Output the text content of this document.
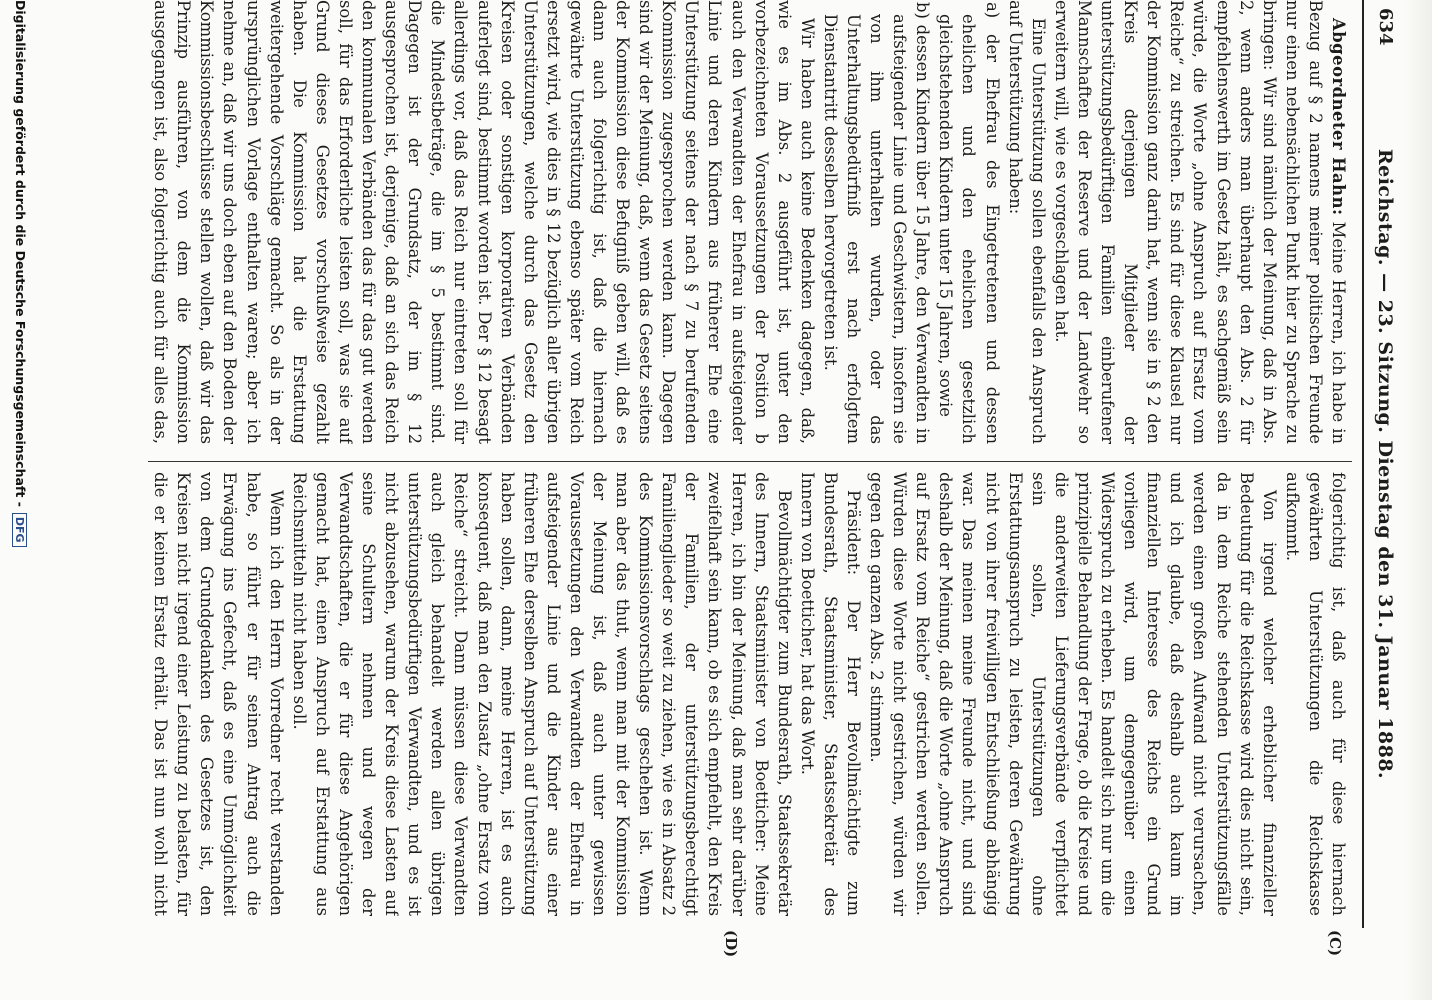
634
Reichstag. — 23. Sitzung. Dienstag den 31. Januar 1888.
(C)
(D)

Abgeordneter Hahn: Meine Herren, ich habe in Bezug auf § 2 namens meiner politischen Freunde nur einen nebensächlichen Punkt hier zu Sprache zu bringen: Wir sind nämlich der Meinung, daß in Abs. 2, wenn anders man überhaupt den Abs. 2 für empfehlenswerth im Gesetz hält, es sachgemäß sein würde, die Worte „ohne Anspruch auf Ersatz vom Reiche“ zu streichen. Es sind für diese Klausel nur der Kommission ganz darin hat, wenn sie in § 2 den Kreis derjenigen Mitglieder der unterstützungsbedürftigen Familien einberufener Mannschaften der Reserve und der Landwehr so erweitern will, wie es vorgeschlagen hat.

Eine Unterstützung sollen ebenfalls den Anspruch auf Unterstützung haben:

a) der Ehefrau des Eingetretenen und dessen ehelichen und den ehelichen gesetzlich gleichstehenden Kindern unter 15 Jahren, sowie

b) dessen Kindern über 15 Jahre, den Verwandten in aufsteigender Linie und Geschwistern, insofern sie von ihm unterhalten wurden, oder das Unterhaltungsbedürfniß erst nach erfolgtem Dienstantritt desselben hervorgetreten ist.

Wir haben auch keine Bedenken dagegen, daß, wie es im Abs. 2 ausgeführt ist, unter den vorbezeichneten Voraussetzungen der Position b auch den Verwandten der Ehefrau in aufsteigender Linie und deren Kindern aus früherer Ehe eine Unterstützung seitens der nach § 7 zu berufenden Kommission zugesprochen werden kann. Dagegen sind wir der Meinung, daß, wenn das Gesetz seitens der Kommission diese Befugniß geben will, daß es dann auch folgerichtig ist, daß die hiernach gewährte Unterstützung ebenso später vom Reich ersetzt wird, wie dies in § 12 bezüglich aller übrigen Unterstützungen, welche durch das Gesetz den Kreisen oder sonstigen korporativen Verbänden auferlegt sind, bestimmt worden ist. Der § 12 besagt allerdings vor, daß das Reich nur eintreten soll für die Mindestbeträge, die im § 5 bestimmt sind. Dagegen ist der Grundsatz, der im § 12 ausgesprochen ist, derjenige, daß an sich das Reich den kommunalen Verbänden das für das gut werden soll, für das Erforderliche leisten soll, was sie auf Grund dieses Gesetzes vorschußweise gezahlt haben. Die Kommission hat die Erstattung weitergehende Vorschläge gemacht. So als in der ursprünglichen Vorlage enthalten waren; aber ich nehme an, daß wir uns doch eben auf den Boden der Kommissionsbeschlüsse stellen wollen, daß wir das Prinzip ausführen, von dem die Kommission ausgegangen ist, also folgerichtig auch für alles das,

folgerichtig ist, daß auch für diese hiernach gewährten Unterstützungen die Reichskasse aufkommt.

Von irgend welcher erheblicher finanzieller Bedeutung für die Reichskasse wird dies nicht sein, da in dem Reiche stehenden Unterstützungsfälle werden einen großen Aufwand nicht verursachen, und ich glaube, daß deshalb auch kaum im finanziellen Interesse des Reichs ein Grund vorliegen wird, um demgegenüber einen Widerspruch zu erheben. Es handelt sich nur um die prinzipielle Behandlung der Frage, ob die Kreise und die anderweiten Lieferungsverbände verpflichtet sein sollen, Unterstützungen ohne Erstattungsanspruch zu leisten, deren Gewährung nicht von ihrer freiwilligen Entschließung abhängig war. Das meinen meine Freunde nicht, und sind deshalb der Meinung, daß die Worte „ohne Anspruch auf Ersatz vom Reiche“ gestrichen werden sollen. Würden diese Worte nicht gestrichen, würden wir gegen den ganzen Abs. 2 stimmen.

Präsident: Der Herr Bevollmächtigte zum Bundesrath, Staatsminister, Staatssekretär des Innern von Boetticher, hat das Wort.

Bevollmächtigter zum Bundesrath, Staatssekretär des Innern, Staatsminister von Boetticher: Meine Herren, ich bin der Meinung, daß man sehr darüber zweifelhaft sein kann, ob es sich empfiehlt, den Kreis der Familien, der unterstützungsberechtigt Familienglieder so weit zu ziehen, wie es in Absatz 2 des Kommissionsvorschlags geschehen ist. Wenn man aber das thut, wenn man mit der Kommission der Meinung ist, daß auch unter gewissen Voraussetzungen den Verwandten der Ehefrau in aufsteigender Linie und die Kinder aus einer früheren Ehe derselben Anspruch auf Unterstützung haben sollen, dann, meine Herren, ist es auch konsequent, daß man den Zusatz „ohne Ersatz vom Reiche“ streicht. Dann müssen diese Verwandten auch gleich behandelt werden allen übrigen unterstützungsbedürftigen Verwandten, und es ist nicht abzusehen, warum der Kreis diese Lasten auf seine Schultern nehmen und wegen der Verwandtschaften, die er für diese Angehörigen gemacht hat, einen Anspruch auf Erstattung aus Reichsmitteln nicht haben soll.

Wenn ich den Herrn Vorredner recht verstanden habe, so führt er für seinen Antrag auch die Erwägung ins Gefecht, daß es eine Unmöglichkeit von dem Grundgedanken des Gesetzes ist, den Kreisen nicht irgend einer Leistung zu belasten, für die er keinen Ersatz erhält. Das ist nun wohl nicht

Digitalisierung gefördert durch die Deutsche Forschungsgemeinschaft -DFG
